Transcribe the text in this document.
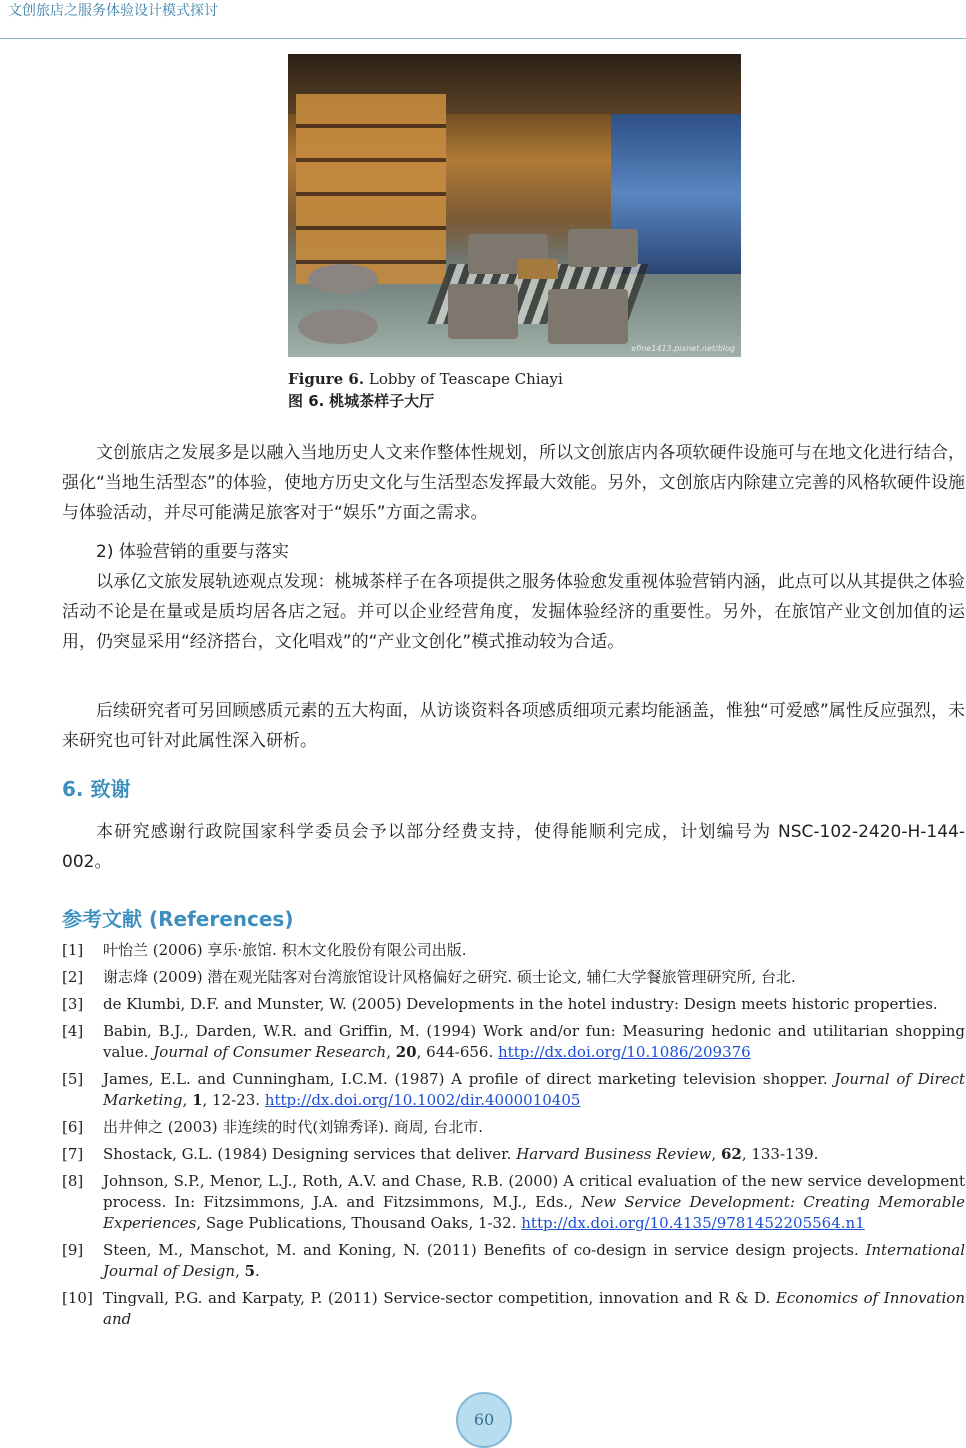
文创旅店之服务体验设计模式探讨
efine1413.pixnet.net/blog
Figure 6. Lobby of Teascape Chiayi
图 6. 桃城茶样子大厅
文创旅店之发展多是以融入当地历史人文来作整体性规划，所以文创旅店内各项软硬件设施可与在地文化进行结合，强化“当地生活型态”的体验，使地方历史文化与生活型态发挥最大效能。另外，文创旅店内除建立完善的风格软硬件设施与体验活动，并尽可能满足旅客对于“娱乐”方面之需求。
2) 体验营销的重要与落实
以承亿文旅发展轨迹观点发现：桃城茶样子在各项提供之服务体验愈发重视体验营销内涵，此点可以从其提供之体验活动不论是在量或是质均居各店之冠。并可以企业经营角度，发掘体验经济的重要性。另外，在旅馆产业文创加值的运用，仍突显采用“经济搭台，文化唱戏”的“产业文创化”模式推动较为合适。
后续研究者可另回顾感质元素的五大构面，从访谈资料各项感质细项元素均能涵盖，惟独“可爱感”属性反应强烈，未来研究也可针对此属性深入研析。
6. 致谢
本研究感谢行政院国家科学委员会予以部分经费支持，使得能顺利完成，计划编号为 NSC-102-2420-H-144-002。
参考文献 (References)
[1]	叶怡兰 (2006) 享乐·旅馆. 积木文化股份有限公司出版.
[2]	谢志烽 (2009) 潜在观光陆客对台湾旅馆设计风格偏好之研究. 硕士论文, 辅仁大学餐旅管理研究所, 台北.
[3]	de Klumbi, D.F. and Munster, W. (2005) Developments in the hotel industry: Design meets historic properties.
[4]	Babin, B.J., Darden, W.R. and Griffin, M. (1994) Work and/or fun: Measuring hedonic and utilitarian shopping value. Journal of Consumer Research, 20, 644-656. http://dx.doi.org/10.1086/209376
[5]	James, E.L. and Cunningham, I.C.M. (1987) A profile of direct marketing television shopper. Journal of Direct Marketing, 1, 12-23. http://dx.doi.org/10.1002/dir.4000010405
[6]	出井伸之 (2003) 非连续的时代(刘锦秀译). 商周, 台北市.
[7]	Shostack, G.L. (1984) Designing services that deliver. Harvard Business Review, 62, 133-139.
[8]	Johnson, S.P., Menor, L.J., Roth, A.V. and Chase, R.B. (2000) A critical evaluation of the new service development process. In: Fitzsimmons, J.A. and Fitzsimmons, M.J., Eds., New Service Development: Creating Memorable Experiences, Sage Publications, Thousand Oaks, 1-32. http://dx.doi.org/10.4135/9781452205564.n1
[9]	Steen, M., Manschot, M. and Koning, N. (2011) Benefits of co-design in service design projects. International Journal of Design, 5.
[10] Tingvall, P.G. and Karpaty, P. (2011) Service-sector competition, innovation and R & D. Economics of Innovation and
60
